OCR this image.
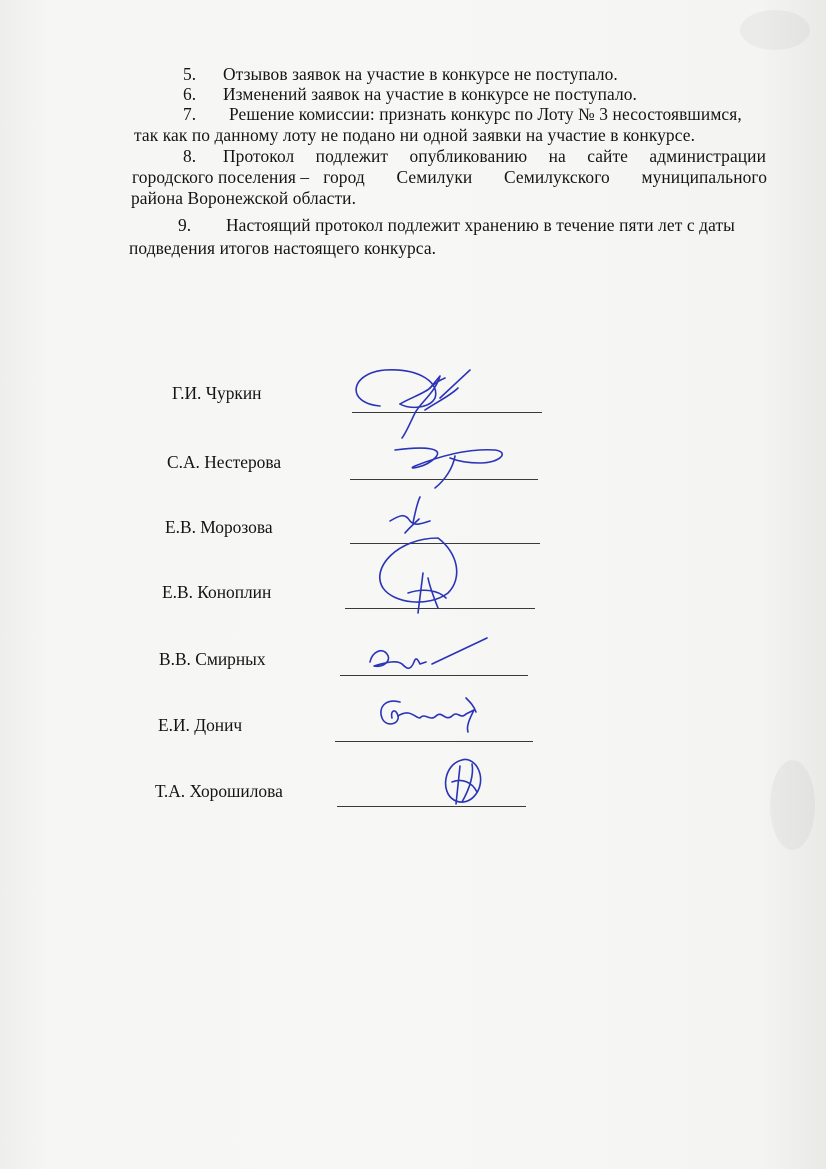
5. Отзывов заявок на участие в конкурсе не поступало.
6. Изменений заявок на участие в конкурсе не поступало.
7. Решение комиссии: признать конкурс по Лоту № 3 несостоявшимся,
так как по данному лоту не подано ни одной заявки на участие в конкурсе.
8.	Протокол подлежит опубликованию на сайте администрации
городского поселения – город Семилуки Семилукского муниципального
района Воронежской области.
9. Настоящий протокол подлежит хранению в течение пяти лет с даты
подведения итогов настоящего конкурса.
Г.И. Чуркин
С.А. Нестерова
Е.В. Морозова
Е.В. Коноплин
В.В. Смирных
Е.И. Донич
Т.А. Хорошилова
